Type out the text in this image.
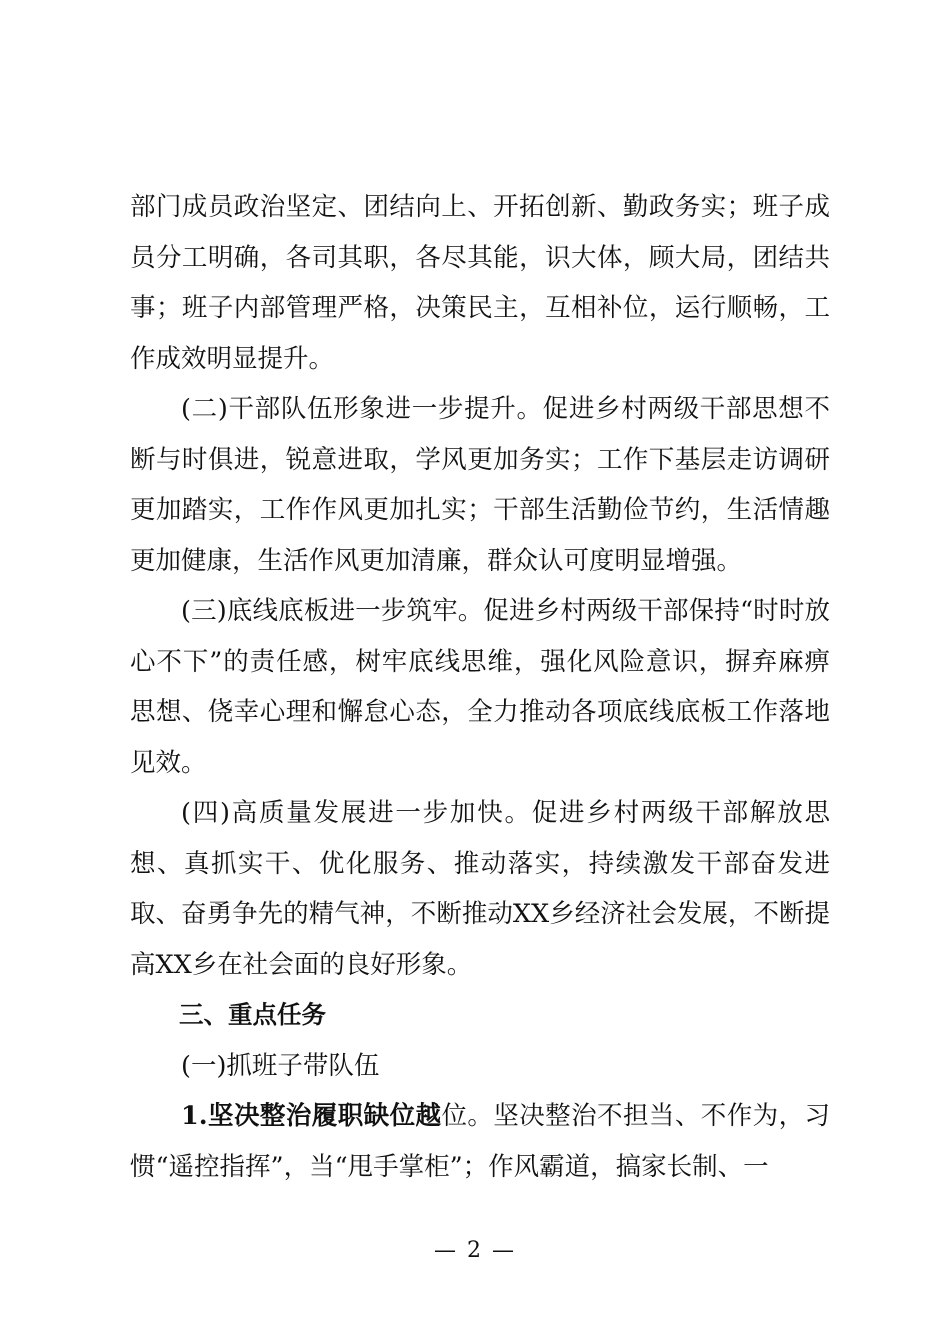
部门成员政治坚定、团结向上、开拓创新、勤政务实；班子成员分工明确，各司其职，各尽其能，识大体，顾大局，团结共事；班子内部管理严格，决策民主，互相补位，运行顺畅，工作成效明显提升。

(二)干部队伍形象进一步提升。促进乡村两级干部思想不断与时俱进，锐意进取，学风更加务实；工作下基层走访调研更加踏实，工作作风更加扎实；干部生活勤俭节约，生活情趣更加健康，生活作风更加清廉，群众认可度明显增强。

(三)底线底板进一步筑牢。促进乡村两级干部保持“时时放心不下”的责任感，树牢底线思维，强化风险意识，摒弃麻痹思想、侥幸心理和懈怠心态，全力推动各项底线底板工作落地见效。

(四)高质量发展进一步加快。促进乡村两级干部解放思想、真抓实干、优化服务、推动落实，持续激发干部奋发进取、奋勇争先的精气神，不断推动XX乡经济社会发展，不断提高XX乡在社会面的良好形象。

三、重点任务

(一)抓班子带队伍

1.坚决整治履职缺位越位。坚决整治不担当、不作为，习惯“遥控指挥”，当“甩手掌柜”；作风霸道，搞家长制、一

— 2 —
